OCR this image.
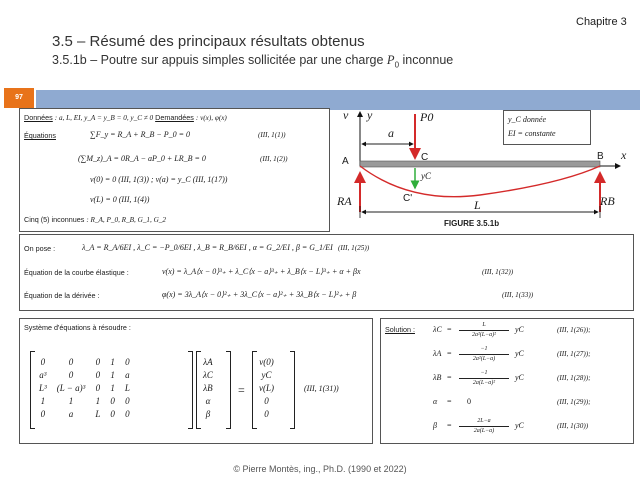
Chapitre 3
3.5 – Résumé des principaux résultats obtenus
3.5.1b – Poutre sur appuis simples sollicitée par une charge $P_0$ inconnue
97
Données : a, L, EI, y_A = y_B = 0, y_C ≠ 0 Demandées : v(x), φ(x)
Équations	∑F_y = R_A + R_B − P_0 = 0	(III, 1(1))
(∑M_z)_A = 0R_A − aP_0 + LR_B = 0	(III, 1(2))
v(0) = 0 (III, 1(3)) ; v(a) = y_C (III, 1(17))
v(L) = 0 (III, 1(4))
Cinq (5) inconnues : R_A, P_0, R_B, G_1, G_2
v y
x
a
P0
A	B
C
C'
yC
RA	RB
L
y_C donnée
EI = constante
FIGURE 3.5.1b
On pose :	λ_A = R_A/6EI , λ_C = −P_0/6EI , λ_B = R_B/6EI , α = G_2/EI , β = G_1/EI (III, 1(25))
Équation de la courbe élastique :	v(x) = λ_A⟨x − 0⟩³₊ + λ_C⟨x − a⟩³₊ + λ_B⟨x − L⟩³₊ + α + βx	(III, 1(32))
Équation de la dérivée :	φ(x) = 3λ_A⟨x − 0⟩²₊ + 3λ_C⟨x − a⟩²₊ + 3λ_B⟨x − L⟩²₊ + β	(III, 1(33))
Système d'équations à résoudre :
0	0	0	1	0
a³	0	0	1	a
L³	(L − a)³	0	1	L
1	1	1	0	0
0	a	L	0	0
λA
λC
λB
α
β
=
v(0)
yC
v(L)
0
0
(III, 1(31))
Solution : λC =	L
2a²(L−a)²
yC	(III, 1(26));
λA =	−1
2a²(L−a)
yC	(III, 1(27));
λB =	−1
2a(L−a)²
yC	(III, 1(28));
α = 0	(III, 1(29));
β =	2L−a
2a(L−a)
yC	(III, 1(30))
© Pierre Montès, ing., Ph.D. (1990 et 2022)
